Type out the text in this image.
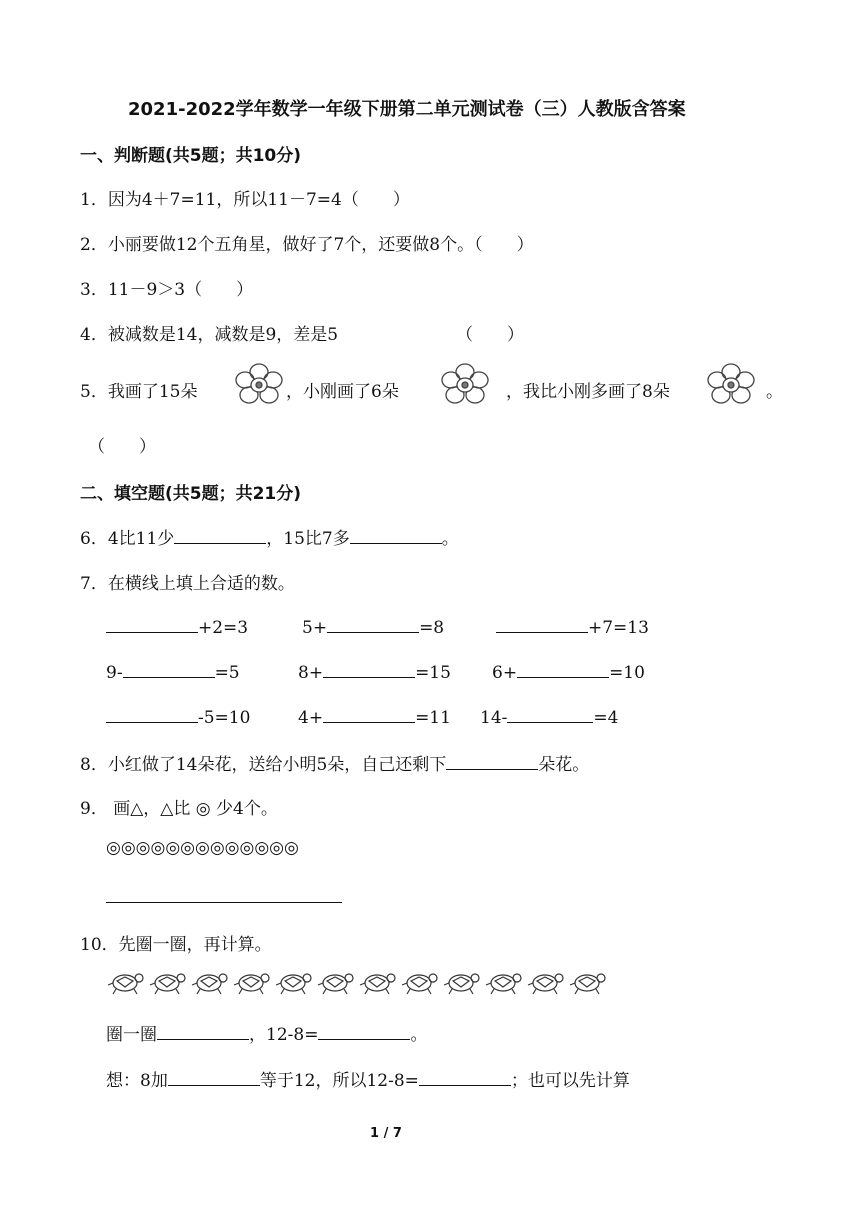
2021-2022学年数学一年级下册第二单元测试卷（三）人教版含答案
一、判断题(共5题；共10分)
1．因为4＋7=11，所以11－7=4（　　）
2．小丽要做12个五角星，做好了7个，还要做8个。（　　）
3．11－9＞3（　　）
4．被减数是14，减数是9，差是5	（　　）
5．我画了15朵	，小刚画了6朵	，我比小刚多画了8朵	。
（　　）
二、填空题(共5题；共21分)
6．4比11少	，15比7多	。
7．在横线上填上合适的数。
+2=3	5+	=8	+7=13
9-	=5	8+	=15 6+	=10
-5=10	4+	=11 14-	=4
8．小红做了14朵花，送给小明5朵，自己还剩下	朵花。
9． 画△，△比 ◎ 少4个。
◎◎◎◎◎◎◎◎◎◎◎◎◎
10．先圈一圈，再计算。
圈一圈	，12-8=	。
想：8加	等于12，所以12-8=	；也可以先计算
1 / 7
